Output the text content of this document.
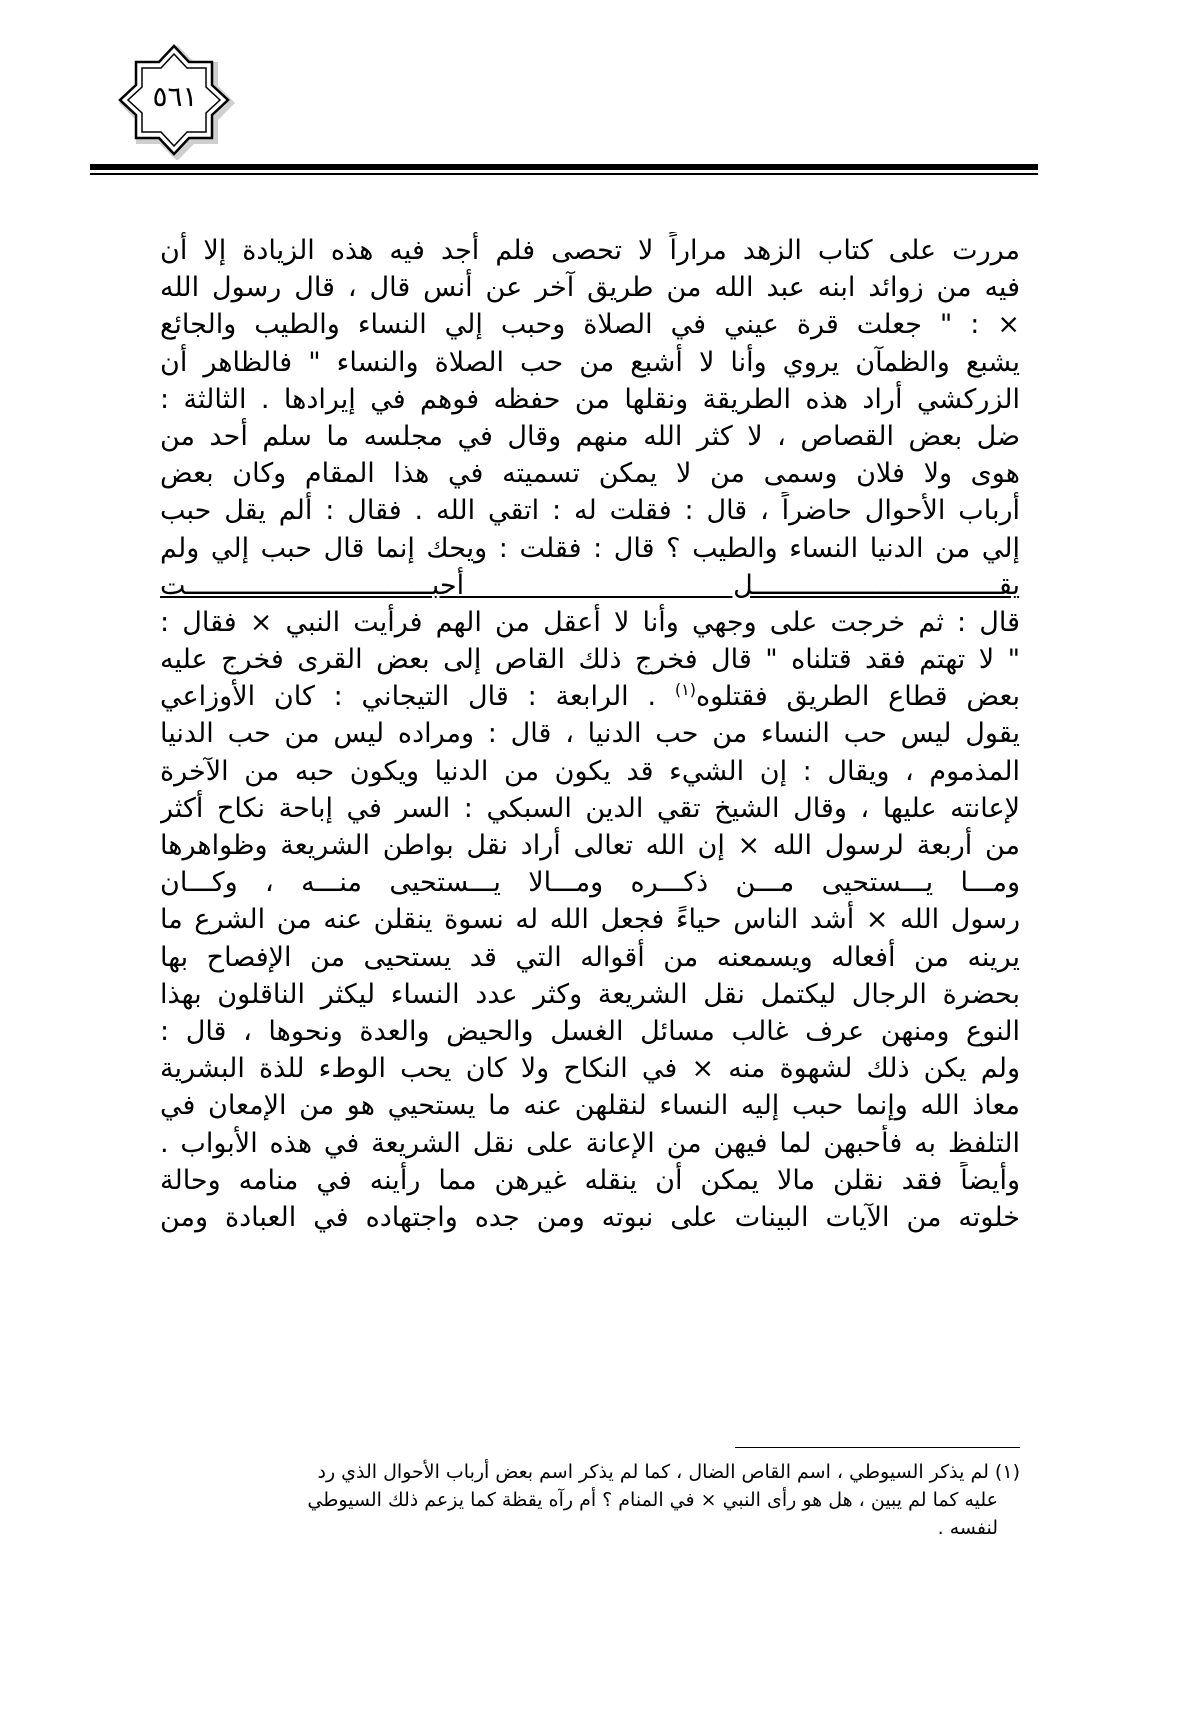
٥٦١
مررت على كتاب الزهد مراراً لا تحصى فلم أجد فيه هذه الزيادة إلا أن
فيه من زوائد ابنه عبد الله من طريق آخر عن أنس قال ، قال رسول الله
× : " جعلت قرة عيني في الصلاة وحبب إلي النساء والطيب والجائع
يشبع والظمآن يروي وأنا لا أشبع من حب الصلاة والنساء " فالظاهر أن
الزركشي أراد هذه الطريقة ونقلها من حفظه فوهم في إيرادها . الثالثة :
ضل بعض القصاص ، لا كثر الله منهم وقال في مجلسه ما سلم أحد من
هوى ولا فلان وسمى من لا يمكن تسميته في هذا المقام وكان بعض
أرباب الأحوال حاضراً ، قال : فقلت له : اتقي الله . فقال : ألم يقل حبب
إلي من الدنيا النساء والطيب ؟ قال : فقلت : ويحك إنما قال حبب إلي ولم
يقـــــــــــــــــــــــــــــــل أحبـــــــــــــــــــــــــــــــت
قال : ثم خرجت على وجهي وأنا لا أعقل من الهم فرأيت النبي × فقال :
" لا تهتم فقد قتلناه " قال فخرج ذلك القاص إلى بعض القرى فخرج عليه
بعض قطاع الطريق فقتلوه$^{(١)}$ . الرابعة : قال التيجاني : كان الأوزاعي
يقول ليس حب النساء من حب الدنيا ، قال : ومراده ليس من حب الدنيا
المذموم ، ويقال : إن الشيء قد يكون من الدنيا ويكون حبه من الآخرة
لإعانته عليها ، وقال الشيخ تقي الدين السبكي : السر في إباحة نكاح أكثر
من أربعة لرسول الله × إن الله تعالى أراد نقل بواطن الشريعة وظواهرها
ومـــا يـــستحيى مـــن ذكـــره ومـــالا يـــستحيى منـــه ، وكـــان
رسول الله × أشد الناس حياءً فجعل الله له نسوة ينقلن عنه من الشرع ما
يرينه من أفعاله ويسمعنه من أقواله التي قد يستحيى من الإفصاح بها
بحضرة الرجال ليكتمل نقل الشريعة وكثر عدد النساء ليكثر الناقلون بهذا
النوع ومنهن عرف غالب مسائل الغسل والحيض والعدة ونحوها ، قال :
ولم يكن ذلك لشهوة منه × في النكاح ولا كان يحب الوطء للذة البشرية
معاذ الله وإنما حبب إليه النساء لنقلهن عنه ما يستحيي هو من الإمعان في
التلفظ به فأحبهن لما فيهن من الإعانة على نقل الشريعة في هذه الأبواب .
وأيضاً فقد نقلن مالا يمكن أن ينقله غيرهن مما رأينه في منامه وحالة
خلوته من الآيات البينات على نبوته ومن جده واجتهاده في العبادة ومن
(١) لم يذكر السيوطي ، اسم القاص الضال ، كما لم يذكر اسم بعض أرباب الأحوال الذي رد
عليه كما لم يبين ، هل هو رأى النبي × في المنام ؟ أم رآه يقظة كما يزعم ذلك السيوطي
لنفسه .
